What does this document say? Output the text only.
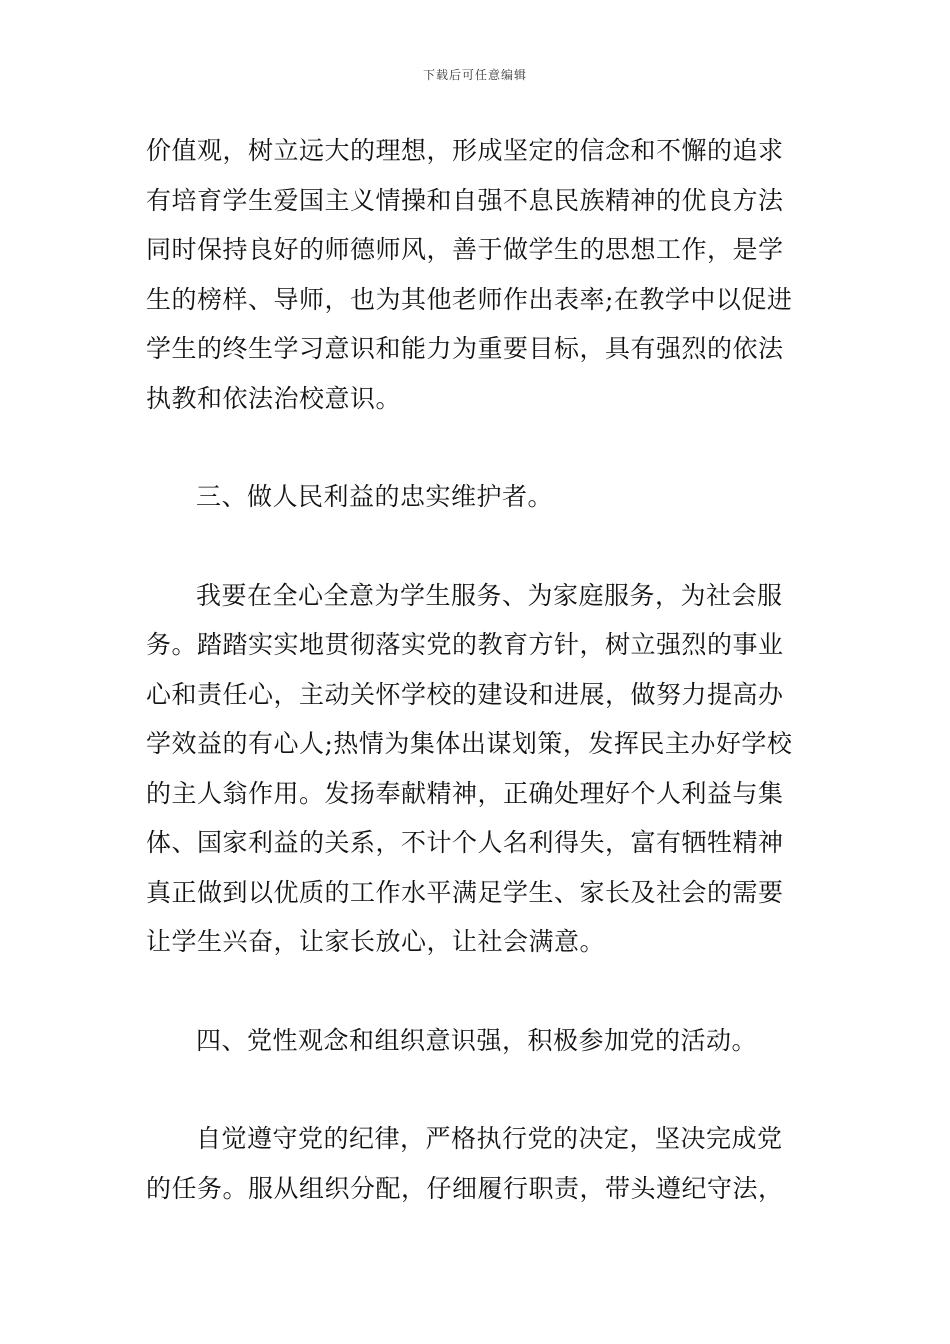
下载后可任意编辑
价值观，树立远大的理想，形成坚定的信念和不懈的追求
有培育学生爱国主义情操和自强不息民族精神的优良方法
同时保持良好的师德师风，善于做学生的思想工作，是学
生的榜样、导师，也为其他老师作出表率;在教学中以促进
学生的终生学习意识和能力为重要目标，具有强烈的依法
执教和依法治校意识。
三、做人民利益的忠实维护者。
我要在全心全意为学生服务、为家庭服务，为社会服
务。踏踏实实地贯彻落实党的教育方针，树立强烈的事业
心和责任心，主动关怀学校的建设和进展，做努力提高办
学效益的有心人;热情为集体出谋划策，发挥民主办好学校
的主人翁作用。发扬奉献精神，正确处理好个人利益与集
体、国家利益的关系，不计个人名利得失，富有牺牲精神
真正做到以优质的工作水平满足学生、家长及社会的需要
让学生兴奋，让家长放心，让社会满意。
四、党性观念和组织意识强，积极参加党的活动。
自觉遵守党的纪律，严格执行党的决定，坚决完成党
的任务。服从组织分配，仔细履行职责，带头遵纪守法，
